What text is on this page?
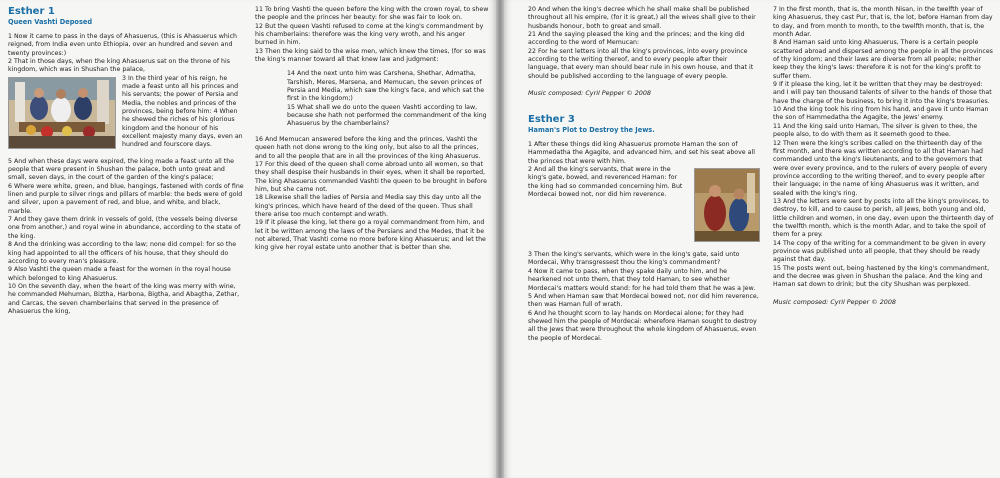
Esther 1
Queen Vashti Deposed

1 Now it came to pass in the days of Ahasuerus, (this is Ahasuerus which reigned, from India even unto Ethiopia, over an hundred and seven and twenty provinces:)

2 That in those days, when the king Ahasuerus sat on the throne of his kingdom, which was in Shushan the palace,

3 In the third year of his reign, he made a feast unto all his princes and his servants; the power of Persia and Media, the nobles and princes of the provinces, being before him: 4 When he shewed the riches of his glorious kingdom and the honour of his excellent majesty many days, even an hundred and fourscore days.

5 And when these days were expired, the king made a feast unto all the people that were present in Shushan the palace, both unto great and small, seven days, in the court of the garden of the king's palace;

6 Where were white, green, and blue, hangings, fastened with cords of fine linen and purple to silver rings and pillars of marble: the beds were of gold and silver, upon a pavement of red, and blue, and white, and black, marble.

7 And they gave them drink in vessels of gold, (the vessels being diverse one from another,) and royal wine in abundance, according to the state of the king.

8 And the drinking was according to the law; none did compel: for so the king had appointed to all the officers of his house, that they should do according to every man's pleasure.

9 Also Vashti the queen made a feast for the women in the royal house which belonged to king Ahasuerus.

10 On the seventh day, when the heart of the king was merry with wine, he commanded Mehuman, Biztha, Harbona, Bigtha, and Abagtha, Zethar, and Carcas, the seven chamberlains that served in the presence of Ahasuerus the king,

11 To bring Vashti the queen before the king with the crown royal, to shew the people and the princes her beauty: for she was fair to look on.

12 But the queen Vashti refused to come at the king's commandment by his chamberlains: therefore was the king very wroth, and his anger burned in him.

13 Then the king said to the wise men, which knew the times, (for so was the king's manner toward all that knew law and judgment:

14 And the next unto him was Carshena, Shethar, Admatha, Tarshish, Meres, Marsena, and Memucan, the seven princes of Persia and Media, which saw the king's face, and which sat the first in the kingdom;)

15 What shall we do unto the queen Vashti according to law, because she hath not performed the commandment of the king Ahasuerus by the chamberlains?

16 And Memucan answered before the king and the princes, Vashti the queen hath not done wrong to the king only, but also to all the princes, and to all the people that are in all the provinces of the king Ahasuerus.

17 For this deed of the queen shall come abroad unto all women, so that they shall despise their husbands in their eyes, when it shall be reported, The king Ahasuerus commanded Vashti the queen to be brought in before him, but she came not.

18 Likewise shall the ladies of Persia and Media say this day unto all the king's princes, which have heard of the deed of the queen. Thus shall there arise too much contempt and wrath.

19 If it please the king, let there go a royal commandment from him, and let it be written among the laws of the Persians and the Medes, that it be not altered, That Vashti come no more before king Ahasuerus; and let the king give her royal estate unto another that is better than she.

20 And when the king's decree which he shall make shall be published throughout all his empire, (for it is great,) all the wives shall give to their husbands honour, both to great and small.

21 And the saying pleased the king and the princes; and the king did according to the word of Memucan:

22 For he sent letters into all the king's provinces, into every province according to the writing thereof, and to every people after their language, that every man should bear rule in his own house, and that it should be published according to the language of every people.

Music composed: Cyril Pepper © 2008
Esther 3
Haman's Plot to Destroy the Jews.

1 After these things did king Ahasuerus promote Haman the son of Hammedatha the Agagite, and advanced him, and set his seat above all the princes that were with him.

2 And all the king's servants, that were in the king's gate, bowed, and reverenced Haman: for the king had so commanded concerning him. But Mordecai bowed not, nor did him reverence.

3 Then the king's servants, which were in the king's gate, said unto Mordecai, Why transgressest thou the king's commandment?

4 Now it came to pass, when they spake daily unto him, and he hearkened not unto them, that they told Haman, to see whether Mordecai's matters would stand: for he had told them that he was a Jew.

5 And when Haman saw that Mordecai bowed not, nor did him reverence, then was Haman full of wrath.

6 And he thought scorn to lay hands on Mordecai alone; for they had shewed him the people of Mordecai: wherefore Haman sought to destroy all the Jews that were throughout the whole kingdom of Ahasuerus, even the people of Mordecai.

7 In the first month, that is, the month Nisan, in the twelfth year of king Ahasuerus, they cast Pur, that is, the lot, before Haman from day to day, and from month to month, to the twelfth month, that is, the month Adar.

8 And Haman said unto king Ahasuerus, There is a certain people scattered abroad and dispersed among the people in all the provinces of thy kingdom; and their laws are diverse from all people; neither keep they the king's laws: therefore it is not for the king's profit to suffer them.

9 If it please the king, let it be written that they may be destroyed: and I will pay ten thousand talents of silver to the hands of those that have the charge of the business, to bring it into the king's treasuries.

10 And the king took his ring from his hand, and gave it unto Haman the son of Hammedatha the Agagite, the Jews' enemy.

11 And the king said unto Haman, The silver is given to thee, the people also, to do with them as it seemeth good to thee.

12 Then were the king's scribes called on the thirteenth day of the first month, and there was written according to all that Haman had commanded unto the king's lieutenants, and to the governors that were over every province, and to the rulers of every people of every province according to the writing thereof, and to every people after their language; in the name of king Ahasuerus was it written, and sealed with the king's ring.

13 And the letters were sent by posts into all the king's provinces, to destroy, to kill, and to cause to perish, all Jews, both young and old, little children and women, in one day, even upon the thirteenth day of the twelfth month, which is the month Adar, and to take the spoil of them for a prey.

14 The copy of the writing for a commandment to be given in every province was published unto all people, that they should be ready against that day.

15 The posts went out, being hastened by the king's commandment, and the decree was given in Shushan the palace. And the king and Haman sat down to drink; but the city Shushan was perplexed.

Music composed: Cyril Pepper © 2008
